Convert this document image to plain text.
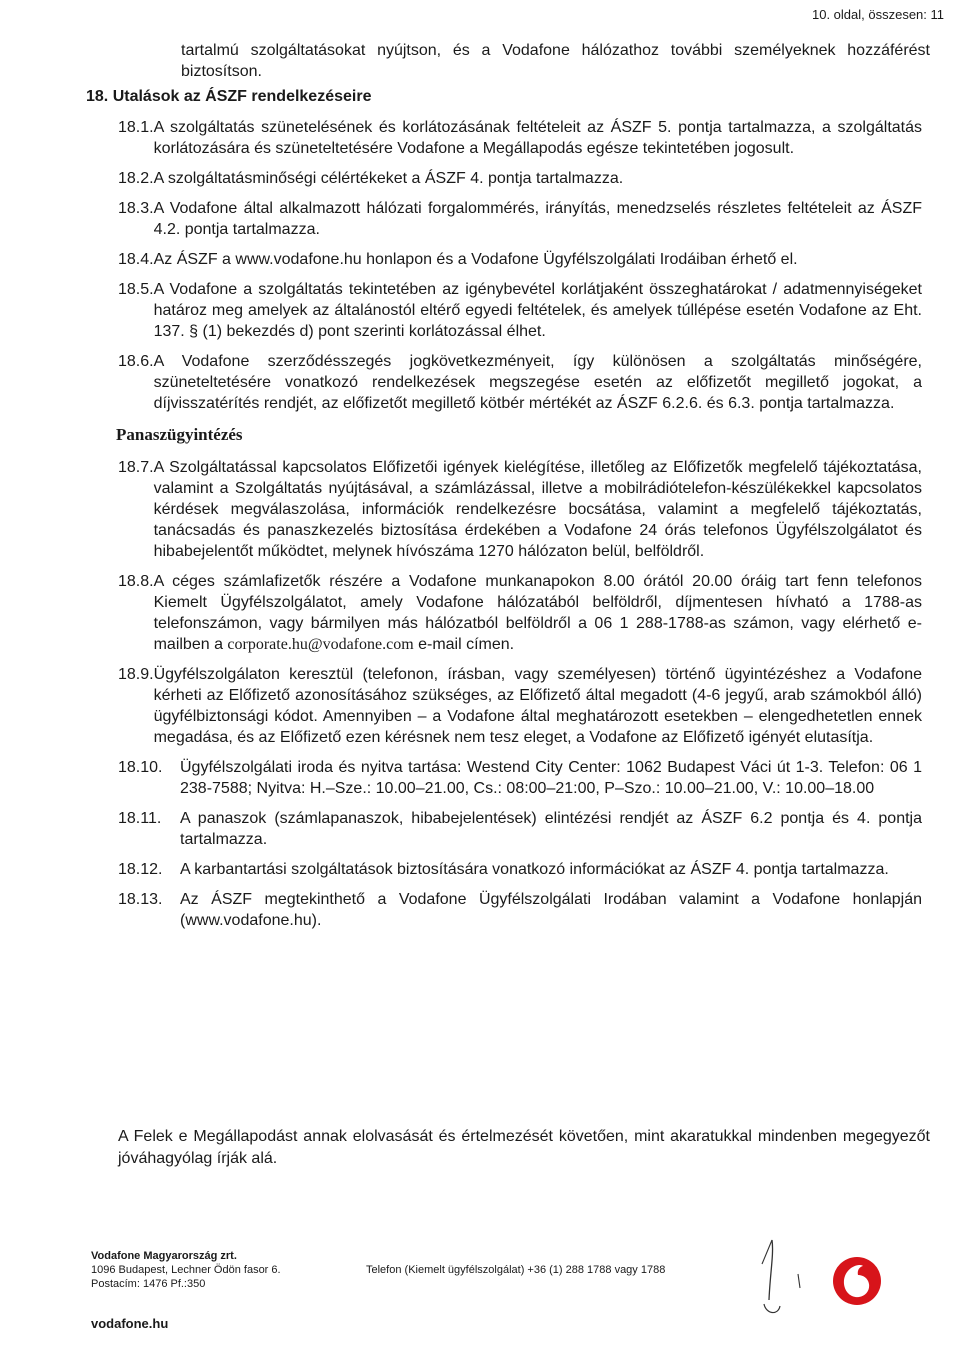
10. oldal, összesen: 11

tartalmú szolgáltatásokat nyújtson, és a Vodafone hálózathoz további személyeknek hozzáférést biztosítson.

18. Utalások az ÁSZF rendelkezéseire
18.1. A szolgáltatás szünetelésének és korlátozásának feltételeit az ÁSZF 5. pontja tartalmazza, a szolgáltatás korlátozására és szüneteltetésére Vodafone a Megállapodás egésze tekintetében jogosult.
18.2. A szolgáltatásminőségi célértékeket a ÁSZF 4. pontja tartalmazza.
18.3. A Vodafone által alkalmazott hálózati forgalommérés, irányítás, menedzselés részletes feltételeit az ÁSZF 4.2. pontja tartalmazza.
18.4. Az ÁSZF a www.vodafone.hu honlapon és a Vodafone Ügyfélszolgálati Irodáiban érhető el.
18.5. A Vodafone a szolgáltatás tekintetében az igénybevétel korlátjaként összeghatárokat / adatmennyiségeket határoz meg amelyek az általánostól eltérő egyedi feltételek, és amelyek túllépése esetén Vodafone az Eht. 137. § (1) bekezdés d) pont szerinti korlátozással élhet.
18.6. A Vodafone szerződésszegés jogkövetkezményeit, így különösen a szolgáltatás minőségére, szüneteltetésére vonatkozó rendelkezések megszegése esetén az előfizetőt megillető jogokat, a díjvisszatérítés rendjét, az előfizetőt megillető kötbér mértékét az ÁSZF 6.2.6. és 6.3. pontja tartalmazza.
Panaszügyintézés
18.7. A Szolgáltatással kapcsolatos Előfizetői igények kielégítése, illetőleg az Előfizetők megfelelő tájékoztatása, valamint a Szolgáltatás nyújtásával, a számlázással, illetve a mobilrádiótelefon-készülékekkel kapcsolatos kérdések megválaszolása, információk rendelkezésre bocsátása, valamint a megfelelő tájékoztatás, tanácsadás és panaszkezelés biztosítása érdekében a Vodafone 24 órás telefonos Ügyfélszolgálatot és hibabejelentőt működtet, melynek hívószáma 1270 hálózaton belül, belföldről.
18.8. A céges számlafizetők részére a Vodafone munkanapokon 8.00 órától 20.00 óráig tart fenn telefonos Kiemelt Ügyfélszolgálatot, amely Vodafone hálózatából belföldről, díjmentesen hívható a 1788-as telefonszámon, vagy bármilyen más hálózatból belföldről a 06 1 288-1788-as számon, vagy elérhető e-mailben a corporate.hu@vodafone.com e-mail címen.
18.9. Ügyfélszolgálaton keresztül (telefonon, írásban, vagy személyesen) történő ügyintézéshez a Vodafone kérheti az Előfizető azonosításához szükséges, az Előfizető által megadott (4-6 jegyű, arab számokból álló) ügyfélbiztonsági kódot. Amennyiben – a Vodafone által meghatározott esetekben – elengedhetetlen ennek megadása, és az Előfizető ezen kérésnek nem tesz eleget, a Vodafone az Előfizető igényét elutasítja.
18.10.	Ügyfélszolgálati iroda és nyitva tartása: Westend City Center: 1062 Budapest Váci út 1-3. Telefon: 06 1 238-7588; Nyitva: H.–Sze.: 10.00–21.00, Cs.: 08:00–21:00, P–Szo.: 10.00–21.00, V.: 10.00–18.00
18.11.	A panaszok (számlapanaszok, hibabejelentések) elintézési rendjét az ÁSZF 6.2 pontja és 4. pontja tartalmazza.
18.12.	A karbantartási szolgáltatások biztosítására vonatkozó információkat az ÁSZF 4. pontja tartalmazza.
18.13.	Az ÁSZF megtekinthető a Vodafone Ügyfélszolgálati Irodában valamint a Vodafone honlapján (www.vodafone.hu).
A Felek e Megállapodást annak elolvasását és értelmezését követően, mint akaratukkal mindenben megegyezőt jóváhagyólag írják alá.
Vodafone Magyarország zrt.
1096 Budapest, Lechner Ödön fasor 6.
Postacím: 1476 Pf.:350
Telefon (Kiemelt ügyfélszolgálat) +36 (1) 288 1788 vagy 1788
vodafone.hu
